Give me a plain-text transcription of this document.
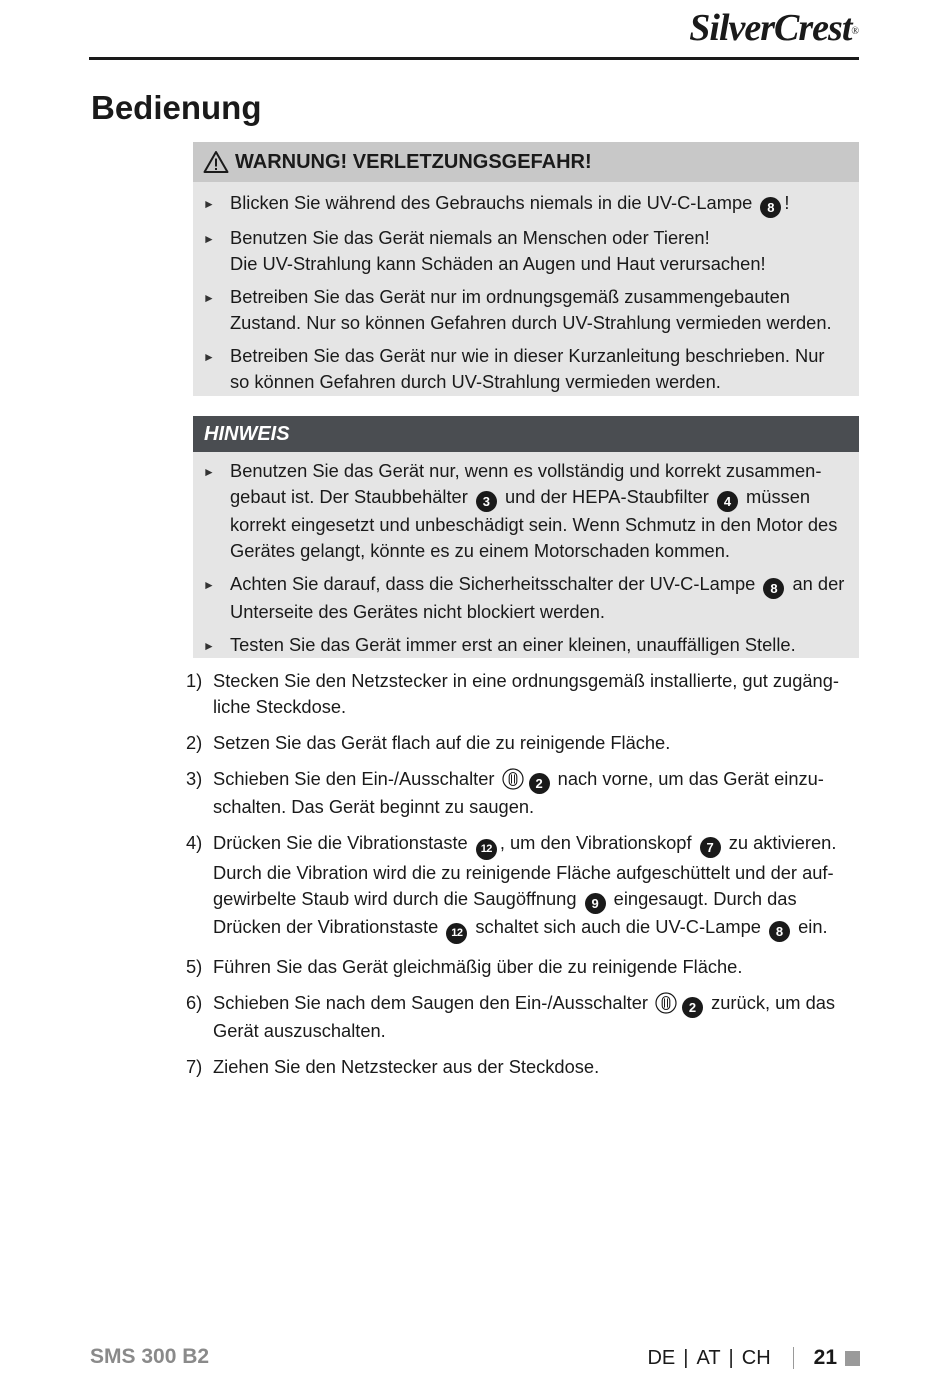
SilverCrest®
Bedienung
WARNUNG! VERLETZUNGSGEFAHR!
► Blicken Sie während des Gebrauchs niemals in die UV-C-Lampe 8 !
► Benutzen Sie das Gerät niemals an Menschen oder Tieren!
Die UV-Strahlung kann Schäden an Augen und Haut verursachen!
► Betreiben Sie das Gerät nur im ordnungsgemäß zusammengebauten Zustand. Nur so können Gefahren durch UV-Strahlung vermieden werden.
► Betreiben Sie das Gerät nur wie in dieser Kurzanleitung beschrieben. Nur so können Gefahren durch UV-Strahlung vermieden werden.
HINWEIS
► Benutzen Sie das Gerät nur, wenn es vollständig und korrekt zusammen-gebaut ist. Der Staubbehälter 3 und der HEPA-Staubfilter 4 müssen korrekt eingesetzt und unbeschädigt sein. Wenn Schmutz in den Motor des Gerätes gelangt, könnte es zu einem Motorschaden kommen.
► Achten Sie darauf, dass die Sicherheitsschalter der UV-C-Lampe 8 an der Unterseite des Gerätes nicht blockiert werden.
► Testen Sie das Gerät immer erst an einer kleinen, unauffälligen Stelle.
1) Stecken Sie den Netzstecker in eine ordnungsgemäß installierte, gut zugäng-liche Steckdose.
2) Setzen Sie das Gerät flach auf die zu reinigende Fläche.
3) Schieben Sie den Ein-/Ausschalter	2 nach vorne, um das Gerät einzu-schalten. Das Gerät beginnt zu saugen.
4) Drücken Sie die Vibrationstaste 12 , um den Vibrationskopf 7 zu aktivieren. Durch die Vibration wird die zu reinigende Fläche aufgeschüttelt und der auf-gewirbelte Staub wird durch die Saugöffnung 9 eingesaugt. Durch das Drücken der Vibrationstaste 12 schaltet sich auch die UV-C-Lampe 8 ein.
5) Führen Sie das Gerät gleichmäßig über die zu reinigende Fläche.
6) Schieben Sie nach dem Saugen den Ein-/Ausschalter	2 zurück, um das Gerät auszuschalten.
7) Ziehen Sie den Netzstecker aus der Steckdose.
SMS 300 B2	DE | AT | CH 21
